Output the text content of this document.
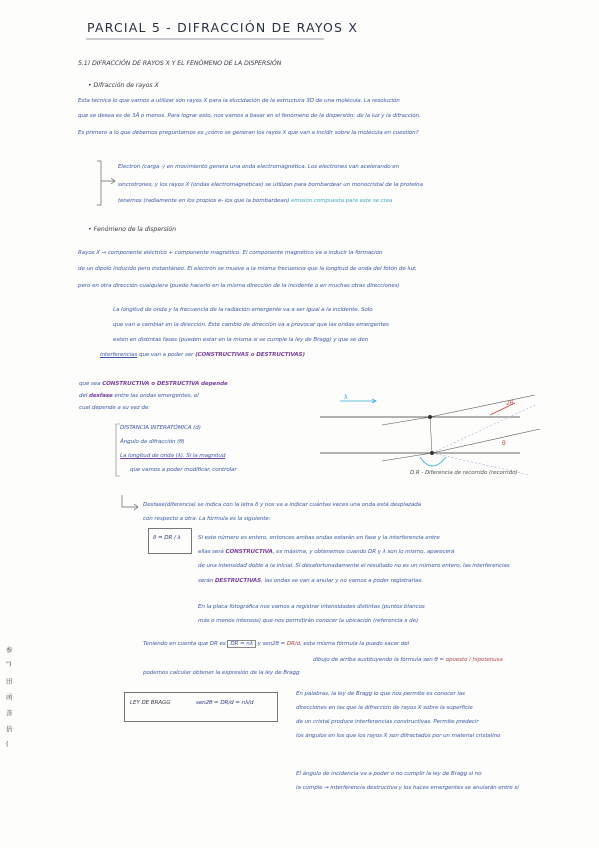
PARCIAL 5 - DIFRACCIÓN DE RAYOS X
5.1) DIFRACCIÓN DE RAYOS X Y EL FENÓMENO DE LA DISPERSIÓN
• Difracción de rayos X
Esta técnica lo que vamos a utilizar son rayos X para la elucidación de la estructura 3D de una molécula. La resolución
que se desea es de 3Å o menos. Para lograr esto, nos vamos a basar en el fenómeno de la dispersión: de la luz y la difracción.
Es primero a lo que debemos preguntarnos es ¿cómo se generan los rayos X que van a incidir sobre la molécula en cuestión?
Electrón (carga -) en movimiento genera una onda electromagnética. Los electrones van acelerando en
sincrotrones, y los rayos X (ondas electromagnéticas) se utilizan para bombardear un monocristal de la proteína
tenemos (radiamente en los propios e- los que la bombardean) emisión compuesta para este se crea
• Fenómeno de la dispersión
Rayos X → componente eléctrico + componente magnético. El componente magnético va a inducir la formación
de un dipolo inducido pero instantáneo. El electrón se mueve a la misma frecuencia que la longitud de onda del fotón de luz,
pero en otra dirección cualquiera (puede hacerlo en la misma dirección de la incidente o en muchas otras direcciones)
La longitud de onda y la frecuencia de la radiación emergente va a ser igual a la incidente. Solo
que van a cambiar en la dirección. Este cambio de dirección va a provocar que las ondas emergentes
estén en distintas fases (pueden estar en la misma si se cumple la ley de Bragg) y que se den
interferencias que van a poder ser (CONSTRUCTIVAS o DESTRUCTIVAS)
que sea CONSTRUCTIVA o DESTRUCTIVA depende
del desfase entre las ondas emergentes, el
cual depende a su vez de:
DISTANCIA INTERATÓMICA (d)
Ángulo de difracción (θ)
La longitud de onda (λ). Si la magnitud
que vamos a poder modificar, controlar
λ
2θ
θ
D.R - Diferencia de recorrido (recorrido)
Desfase(diferencia) se indica con la letra δ y nos va a indicar cuántas veces una onda está desplazada
con respecto a otra. La fórmula es la siguiente:
δ = DR / λ	Si este número es entero, entonces ambas ondas estarán en fase y la interferencia entre
ellas será CONSTRUCTIVA, es máxima, y obtenemos cuando DR y λ son lo mismo, aparecerá
de una intensidad doble a la inicial. Si desafortunadamente el resultado no es un número entero, las interferencias
serán DESTRUCTIVAS, las ondas se van a anular y no vamos a poder registrarlas.
En la placa fotográfica nos vamos a registrar intensidades distintas (puntos blancos
más o menos intensos) que nos permitirán conocer la ubicación (referencia x de)
Teniendo en cuenta que DR es DR = nλ y sen2θ = DR/d, esta misma fórmula la puedo sacar del
dibujo de arriba sustituyendo la fórmula sen θ = opuesto / hipotenusa
podemos calcular obtener la expresión de la ley de Bragg
LEY DE BRAGG	sen2θ = DR/d = nλ/d
En palabras, la ley de Bragg lo que nos permite es conocer las
direcciones en las que la difracción de rayos X sobre la superficie
de un cristal produce interferencias constructivas. Permite predecir
los ángulos en los que los rayos X son difractados por un material cristalino
El ángulo de incidencia va a poder o no cumplir la ley de Bragg si no
la cumple → interferencia destructiva y los haces emergentes se anularán entre sí
参
")
田
函
善
倍
(
